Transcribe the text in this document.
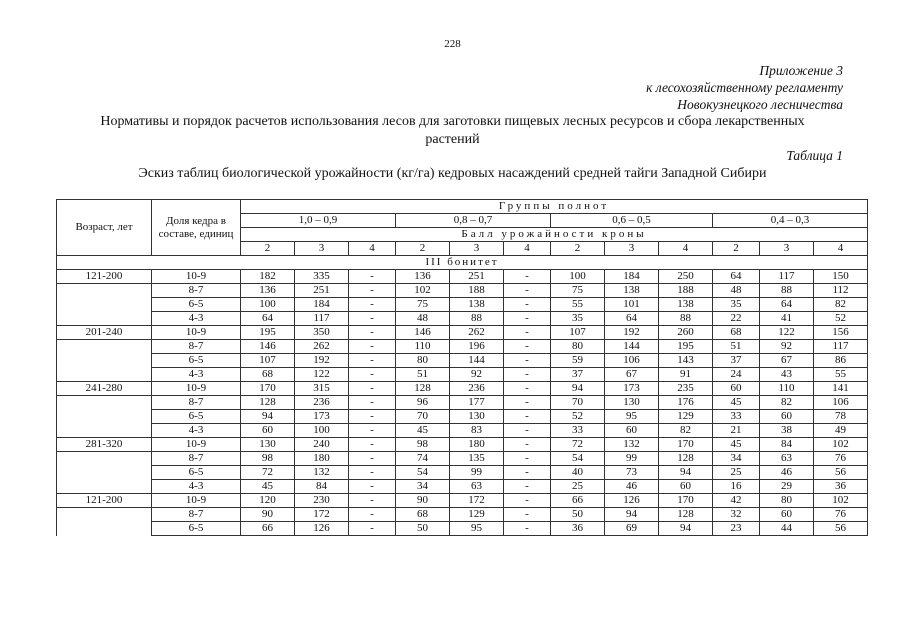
228
Приложение 3
к лесохозяйственному регламенту
Новокузнецкого лесничества
Нормативы и порядок расчетов использования лесов для заготовки пищевых лесных ресурсов и сбора лекарственных
растений
Таблица 1
Эскиз таблиц биологической урожайности (кг/га) кедровых насаждений средней тайги Западной Сибири
Возраст, лет	Доля кедра в составе, единиц	Группы полнот											
		1,0 – 0,9			0,8 – 0,7			0,6 – 0,5			0,4 – 0,3		
		Балл урожайности кроны											
		2	3	4	2	3	4	2	3	4	2	3	4
III бонитет													
121-200	10-9	182	335	-	136	251	-	100	184	250	64	117	150
	8-7	136	251	-	102	188	-	75	138	188	48	88	112
	6-5	100	184	-	75	138	-	55	101	138	35	64	82
	4-3	64	117	-	48	88	-	35	64	88	22	41	52
201-240	10-9	195	350	-	146	262	-	107	192	260	68	122	156
	8-7	146	262	-	110	196	-	80	144	195	51	92	117
	6-5	107	192	-	80	144	-	59	106	143	37	67	86
	4-3	68	122	-	51	92	-	37	67	91	24	43	55
241-280	10-9	170	315	-	128	236	-	94	173	235	60	110	141
	8-7	128	236	-	96	177	-	70	130	176	45	82	106
	6-5	94	173	-	70	130	-	52	95	129	33	60	78
	4-3	60	100	-	45	83	-	33	60	82	21	38	49
281-320	10-9	130	240	-	98	180	-	72	132	170	45	84	102
	8-7	98	180	-	74	135	-	54	99	128	34	63	76
	6-5	72	132	-	54	99	-	40	73	94	25	46	56
	4-3	45	84	-	34	63	-	25	46	60	16	29	36
121-200	10-9	120	230	-	90	172	-	66	126	170	42	80	102
	8-7	90	172	-	68	129	-	50	94	128	32	60	76
	6-5	66	126	-	50	95	-	36	69	94	23	44	56
